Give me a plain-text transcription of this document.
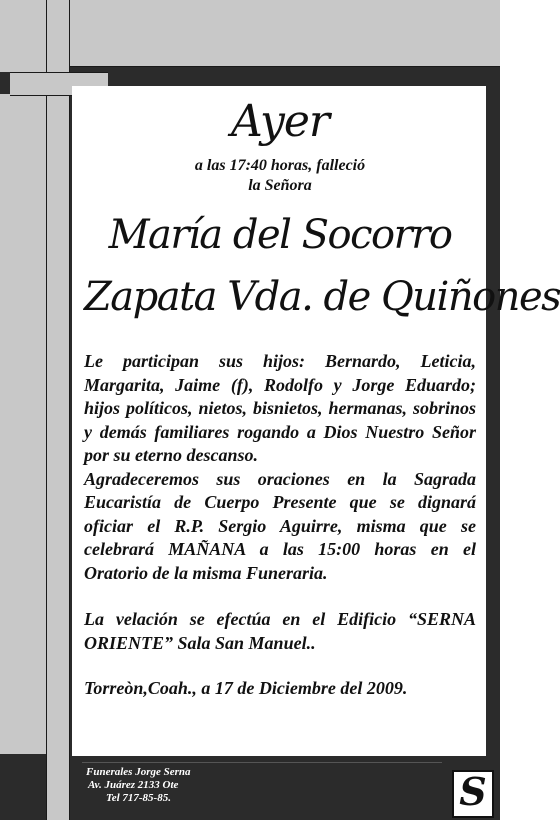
Ayer

a las 17:40 horas, falleció

la Señora

María del Socorro

Zapata Vda. de Quiñones

Le participan sus hijos: Bernardo, Leticia, Margarita, Jaime (f), Rodolfo y Jorge Eduardo; hijos políticos, nietos, bisnietos, hermanas, sobrinos y demás familiares rogando a Dios Nuestro Señor por su eterno descanso.

Agradeceremos sus oraciones en la Sagrada Eucaristía de Cuerpo Presente que se dignará oficiar el R.P. Sergio Aguirre, misma que se celebrará MAÑANA a las 15:00 horas en el Oratorio de la misma Funeraria.

La velación se efectúa en el Edificio “SERNA ORIENTE” Sala San Manuel..

Torreòn,Coah., a 17 de Diciembre del 2009.

Funerales Jorge Serna
Av. Juárez 2133 Ote
Tel 717-85-85.	S
